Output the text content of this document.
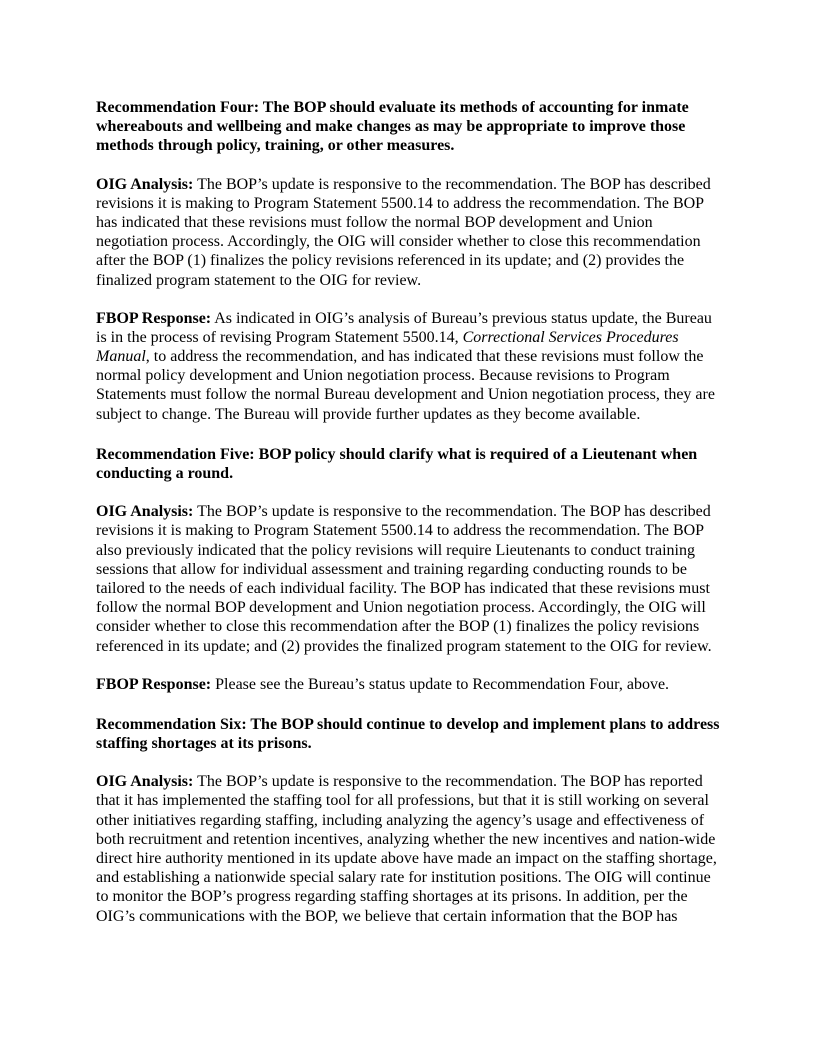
Recommendation Four: The BOP should evaluate its methods of accounting for inmate whereabouts and wellbeing and make changes as may be appropriate to improve those methods through policy, training, or other measures.

OIG Analysis: The BOP’s update is responsive to the recommendation. The BOP has described revisions it is making to Program Statement 5500.14 to address the recommendation. The BOP has indicated that these revisions must follow the normal BOP development and Union negotiation process. Accordingly, the OIG will consider whether to close this recommendation after the BOP (1) finalizes the policy revisions referenced in its update; and (2) provides the finalized program statement to the OIG for review.

FBOP Response: As indicated in OIG’s analysis of Bureau’s previous status update, the Bureau is in the process of revising Program Statement 5500.14, Correctional Services Procedures Manual, to address the recommendation, and has indicated that these revisions must follow the normal policy development and Union negotiation process. Because revisions to Program Statements must follow the normal Bureau development and Union negotiation process, they are subject to change. The Bureau will provide further updates as they become available.

Recommendation Five: BOP policy should clarify what is required of a Lieutenant when conducting a round.

OIG Analysis: The BOP’s update is responsive to the recommendation. The BOP has described revisions it is making to Program Statement 5500.14 to address the recommendation. The BOP also previously indicated that the policy revisions will require Lieutenants to conduct training sessions that allow for individual assessment and training regarding conducting rounds to be tailored to the needs of each individual facility. The BOP has indicated that these revisions must follow the normal BOP development and Union negotiation process. Accordingly, the OIG will consider whether to close this recommendation after the BOP (1) finalizes the policy revisions referenced in its update; and (2) provides the finalized program statement to the OIG for review.

FBOP Response: Please see the Bureau’s status update to Recommendation Four, above.

Recommendation Six: The BOP should continue to develop and implement plans to address staffing shortages at its prisons.

OIG Analysis: The BOP’s update is responsive to the recommendation. The BOP has reported that it has implemented the staffing tool for all professions, but that it is still working on several other initiatives regarding staffing, including analyzing the agency’s usage and effectiveness of both recruitment and retention incentives, analyzing whether the new incentives and nation-wide direct hire authority mentioned in its update above have made an impact on the staffing shortage, and establishing a nationwide special salary rate for institution positions. The OIG will continue to monitor the BOP’s progress regarding staffing shortages at its prisons. In addition, per the OIG’s communications with the BOP, we believe that certain information that the BOP has
